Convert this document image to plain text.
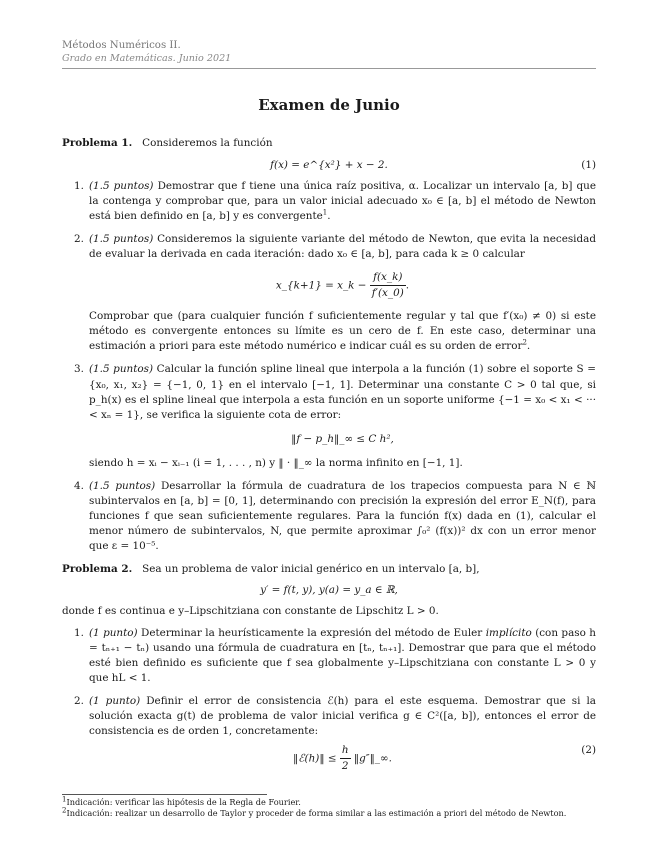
Métodos Numéricos II.
Grado en Matemáticas. Junio 2021
Examen de Junio

Problema 1. Consideremos la función

f(x) = e^{x²} + x − 2.	(1)
1. (1.5 puntos) Demostrar que f tiene una única raíz positiva, α. Localizar un intervalo [a, b] que la contenga y comprobar que, para un valor inicial adecuado x₀ ∈ [a, b] el método de Newton está bien definido en [a, b] y es convergente$^1$.
2. (1.5 puntos) Consideremos la siguiente variante del método de Newton, que evita la necesidad de evaluar la derivada en cada iteración: dado x₀ ∈ [a, b], para cada k ≥ 0 calcular
x_{k+1} = x_k − $\frac{f(x\_k)}{f'(x\_0)}$ .
Comprobar que (para cualquier función f suficientemente regular y tal que f′(x₀) ≠ 0) si este método es convergente entonces su límite es un cero de f. En este caso, determinar una estimación a priori para este método numérico e indicar cuál es su orden de error$^2$.
3. (1.5 puntos) Calcular la función spline lineal que interpola a la función (1) sobre el soporte S = {x₀, x₁, x₂} = {−1, 0, 1} en el intervalo [−1, 1]. Determinar una constante C > 0 tal que, si p_h(x) es el spline lineal que interpola a esta función en un soporte uniforme {−1 = x₀ < x₁ < ··· < xₙ = 1}, se verifica la siguiente cota de error:
‖f − p_h‖_∞ ≤ C h²,
siendo h = xᵢ − xᵢ₋₁ (i = 1, . . . , n) y ‖ · ‖_∞ la norma infinito en [−1, 1].
4. (1.5 puntos) Desarrollar la fórmula de cuadratura de los trapecios compuesta para N ∈ ℕ subintervalos en [a, b] = [0, 1], determinando con precisión la expresión del error E_N(f), para funciones f que sean suficientemente regulares. Para la función f(x) dada en (1), calcular el menor número de subintervalos, N, que permite aproximar ∫₀² (f(x))² dx con un error menor que ε = 10⁻⁵.

Problema 2. Sea un problema de valor inicial genérico en un intervalo [a, b],

y′ = f(t, y), y(a) = y_a ∈ ℝ,

donde f es continua e y–Lipschitziana con constante de Lipschitz L > 0.

1. (1 punto) Determinar la heurísticamente la expresión del método de Euler implícito (con paso h = tₙ₊₁ − tₙ) usando una fórmula de cuadratura en [tₙ, tₙ₊₁]. Demostrar que para que el método esté bien definido es suficiente que f sea globalmente y–Lipschitziana con constante L > 0 y que hL < 1.
2. (1 punto) Definir el error de consistencia ℰ(h) para el este esquema. Demostrar que si la solución exacta g(t) de problema de valor inicial verifica g ∈ C²([a, b]), entonces el error de consistencia es de orden 1, concretamente:
‖ℰ(h)‖ ≤ $\frac{h}{2}$ ‖g″‖_∞.
(2)
$^1$Indicación: verificar las hipótesis de la Regla de Fourier.
$^2$Indicación: realizar un desarrollo de Taylor y proceder de forma similar a las estimación a priori del método de Newton.
